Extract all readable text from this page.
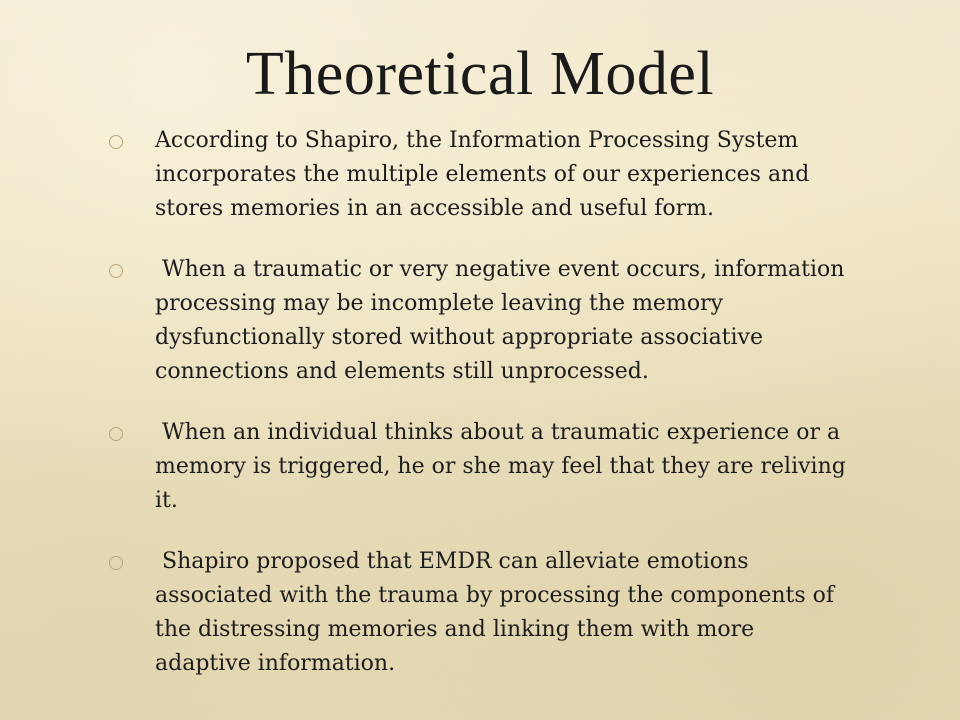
Theoretical Model
According to Shapiro, the Information Processing System incorporates the multiple elements of our experiences and stores memories in an accessible and useful form.
When a traumatic or very negative event occurs, information processing may be incomplete leaving the memory dysfunctionally stored without appropriate associative connections and elements still unprocessed.
When an individual thinks about a traumatic experience or a memory is triggered, he or she may feel that they are reliving it.
Shapiro proposed that EMDR can alleviate emotions associated with the trauma by processing the components of the distressing memories and linking them with more adaptive information.
